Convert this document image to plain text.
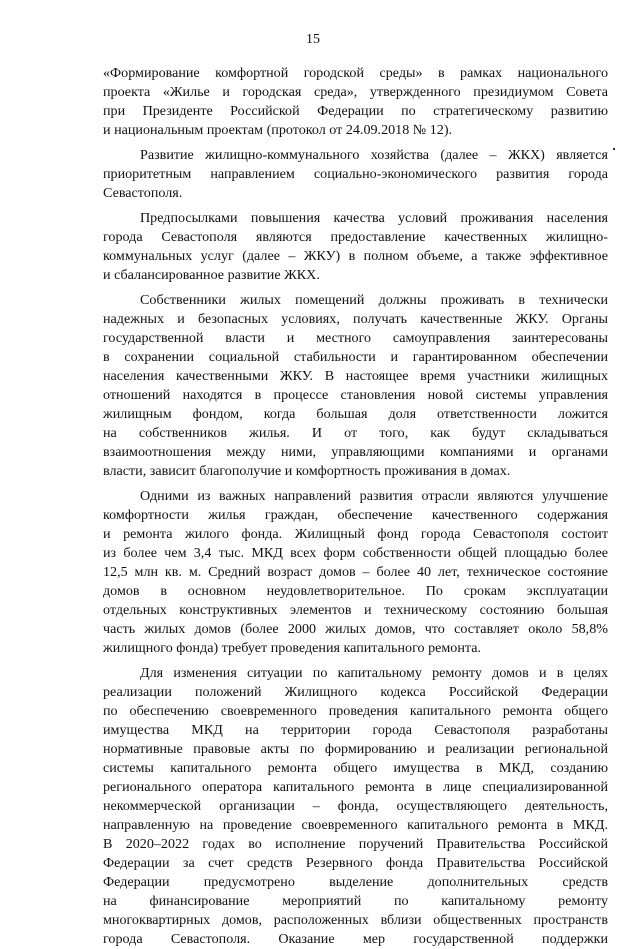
15
«Формирование комфортной городской среды» в рамках национального
проекта «Жилье и городская среда», утвержденного президиумом Совета
при Президенте Российской Федерации по стратегическому развитию
и национальным проектам (протокол от 24.09.2018 № 12).
Развитие жилищно-коммунального хозяйства (далее – ЖКХ) является
приоритетным направлением социально-экономического развития города
Севастополя.
Предпосылками повышения качества условий проживания населения
города Севастополя являются предоставление качественных жилищно-
коммунальных услуг (далее – ЖКУ) в полном объеме, а также эффективное
и сбалансированное развитие ЖКХ.
Собственники жилых помещений должны проживать в технически
надежных и безопасных условиях, получать качественные ЖКУ. Органы
государственной власти и местного самоуправления заинтересованы
в сохранении социальной стабильности и гарантированном обеспечении
населения качественными ЖКУ. В настоящее время участники жилищных
отношений находятся в процессе становления новой системы управления
жилищным фондом, когда большая доля ответственности ложится
на собственников жилья. И от того, как будут складываться
взаимоотношения между ними, управляющими компаниями и органами
власти, зависит благополучие и комфортность проживания в домах.
Одними из важных направлений развития отрасли являются улучшение
комфортности жилья граждан, обеспечение качественного содержания
и ремонта жилого фонда. Жилищный фонд города Севастополя состоит
из более чем 3,4 тыс. МКД всех форм собственности общей площадью более
12,5 млн кв. м. Средний возраст домов – более 40 лет, техническое состояние
домов в основном неудовлетворительное. По срокам эксплуатации
отдельных конструктивных элементов и техническому состоянию большая
часть жилых домов (более 2000 жилых домов, что составляет около 58,8%
жилищного фонда) требует проведения капитального ремонта.
Для изменения ситуации по капитальному ремонту домов и в целях
реализации положений Жилищного кодекса Российской Федерации
по обеспечению своевременного проведения капитального ремонта общего
имущества МКД на территории города Севастополя разработаны
нормативные правовые акты по формированию и реализации региональной
системы капитального ремонта общего имущества в МКД, созданию
регионального оператора капитального ремонта в лице специализированной
некоммерческой организации – фонда, осуществляющего деятельность,
направленную на проведение своевременного капитального ремонта в МКД.
В 2020–2022 годах во исполнение поручений Правительства Российской
Федерации за счет средств Резервного фонда Правительства Российской
Федерации предусмотрено выделение дополнительных средств
на финансирование мероприятий по капитальному ремонту
многоквартирных домов, расположенных вблизи общественных пространств
города Севастополя. Оказание мер государственной поддержки
